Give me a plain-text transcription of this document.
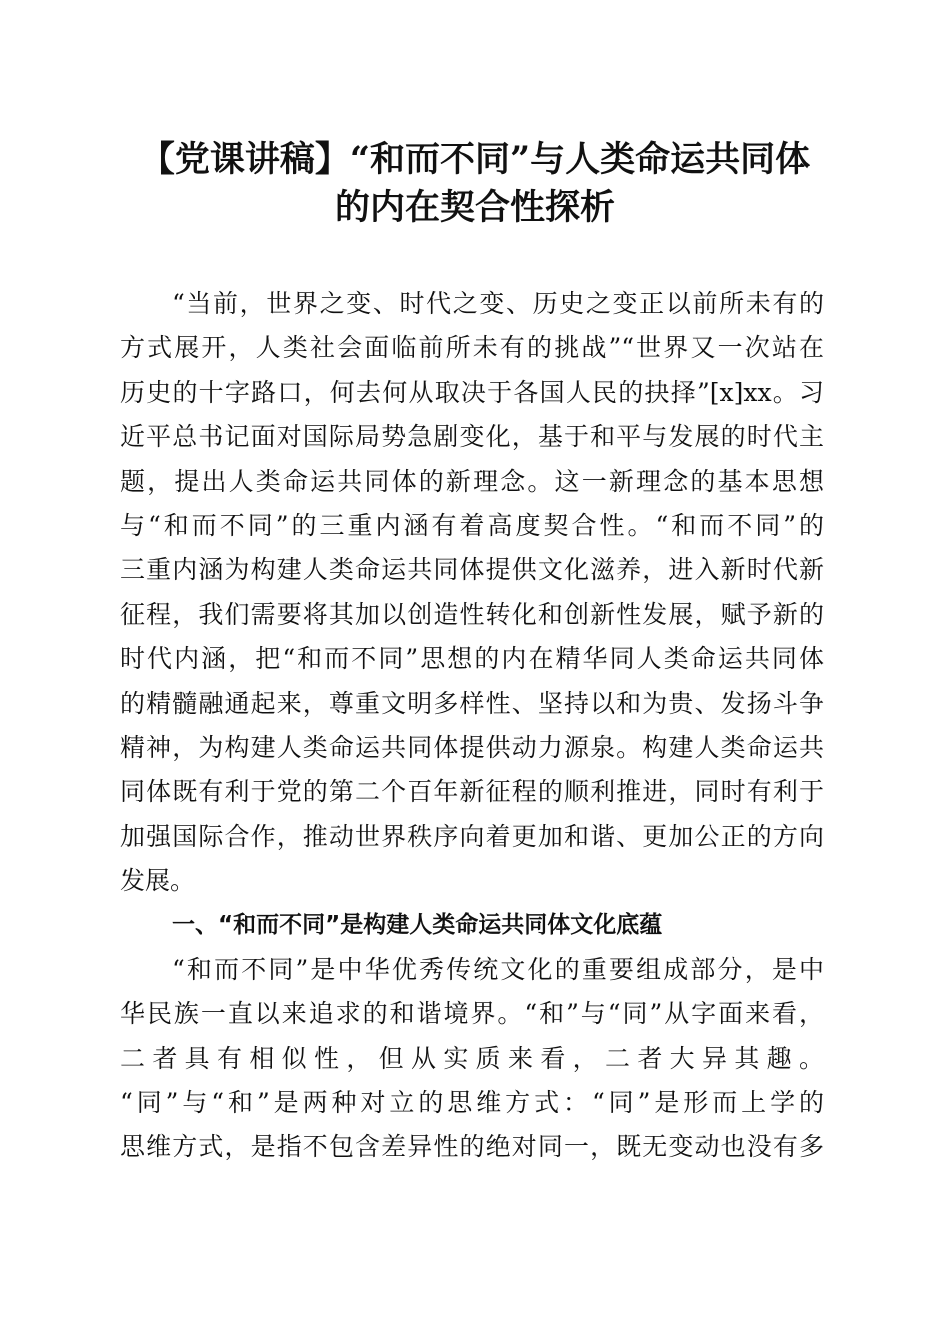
【党课讲稿】“和而不同”与人类命运共同体
的内在契合性探析
“当前，世界之变、时代之变、历史之变正以前所未有的
方式展开，人类社会面临前所未有的挑战”“世界又一次站在
历史的十字路口，何去何从取决于各国人民的抉择”[x]xx。习
近平总书记面对国际局势急剧变化，基于和平与发展的时代主
题，提出人类命运共同体的新理念。这一新理念的基本思想
与“和而不同”的三重内涵有着高度契合性。“和而不同”的
三重内涵为构建人类命运共同体提供文化滋养，进入新时代新
征程，我们需要将其加以创造性转化和创新性发展，赋予新的
时代内涵，把“和而不同”思想的内在精华同人类命运共同体
的精髓融通起来，尊重文明多样性、坚持以和为贵、发扬斗争
精神，为构建人类命运共同体提供动力源泉。构建人类命运共
同体既有利于党的第二个百年新征程的顺利推进，同时有利于
加强国际合作，推动世界秩序向着更加和谐、更加公正的方向
发展。
一、“和而不同”是构建人类命运共同体文化底蕴
“和而不同”是中华优秀传统文化的重要组成部分，是中
华民族一直以来追求的和谐境界。“和”与“同”从字面来看，
二者具有相似性，但从实质来看，二者大异其趣。
“同”与“和”是两种对立的思维方式：“同”是形而上学的
思维方式，是指不包含差异性的绝对同一，既无变动也没有多
